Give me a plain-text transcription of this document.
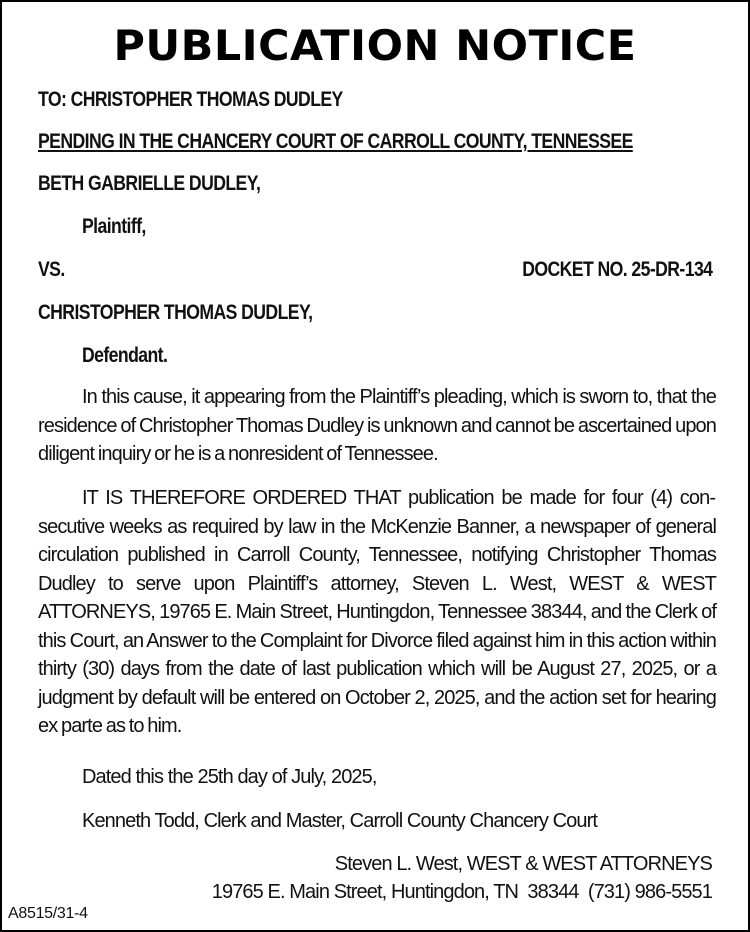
PUBLICATION NOTICE
TO: CHRISTOPHER THOMAS DUDLEY
PENDING IN THE CHANCERY COURT OF CARROLL COUNTY, TENNESSEE
BETH GABRIELLE DUDLEY,
Plaintiff,
VS.	DOCKET NO. 25-DR-134
CHRISTOPHER THOMAS DUDLEY,
Defendant.

In this cause, it appearing from the Plaintiff’s pleading, which is sworn to, that the residence of Christopher Thomas Dudley is unknown and cannot be ascertained upon diligent inquiry or he is a nonresident of Tennessee.

IT IS THEREFORE ORDERED THAT publication be made for four (4) consecutive weeks as required by law in the McKenzie Banner, a newspaper of general circulation published in Carroll County, Tennessee, notifying Christopher Thomas Dudley to serve upon Plaintiff’s attorney, Steven L. West, WEST & WEST ATTORNEYS, 19765 E. Main Street, Huntingdon, Tennessee 38344, and the Clerk of this Court, an Answer to the Complaint for Divorce filed against him in this action within thirty (30) days from the date of last publication which will be August 27, 2025, or a judgment by default will be entered on October 2, 2025, and the action set for hearing ex parte as to him.

Dated this the 25th day of July, 2025,
Kenneth Todd, Clerk and Master, Carroll County Chancery Court
Steven L. West, WEST & WEST ATTORNEYS
19765 E. Main Street, Huntingdon, TN  38344  (731) 986-5551
A8515/31-4
